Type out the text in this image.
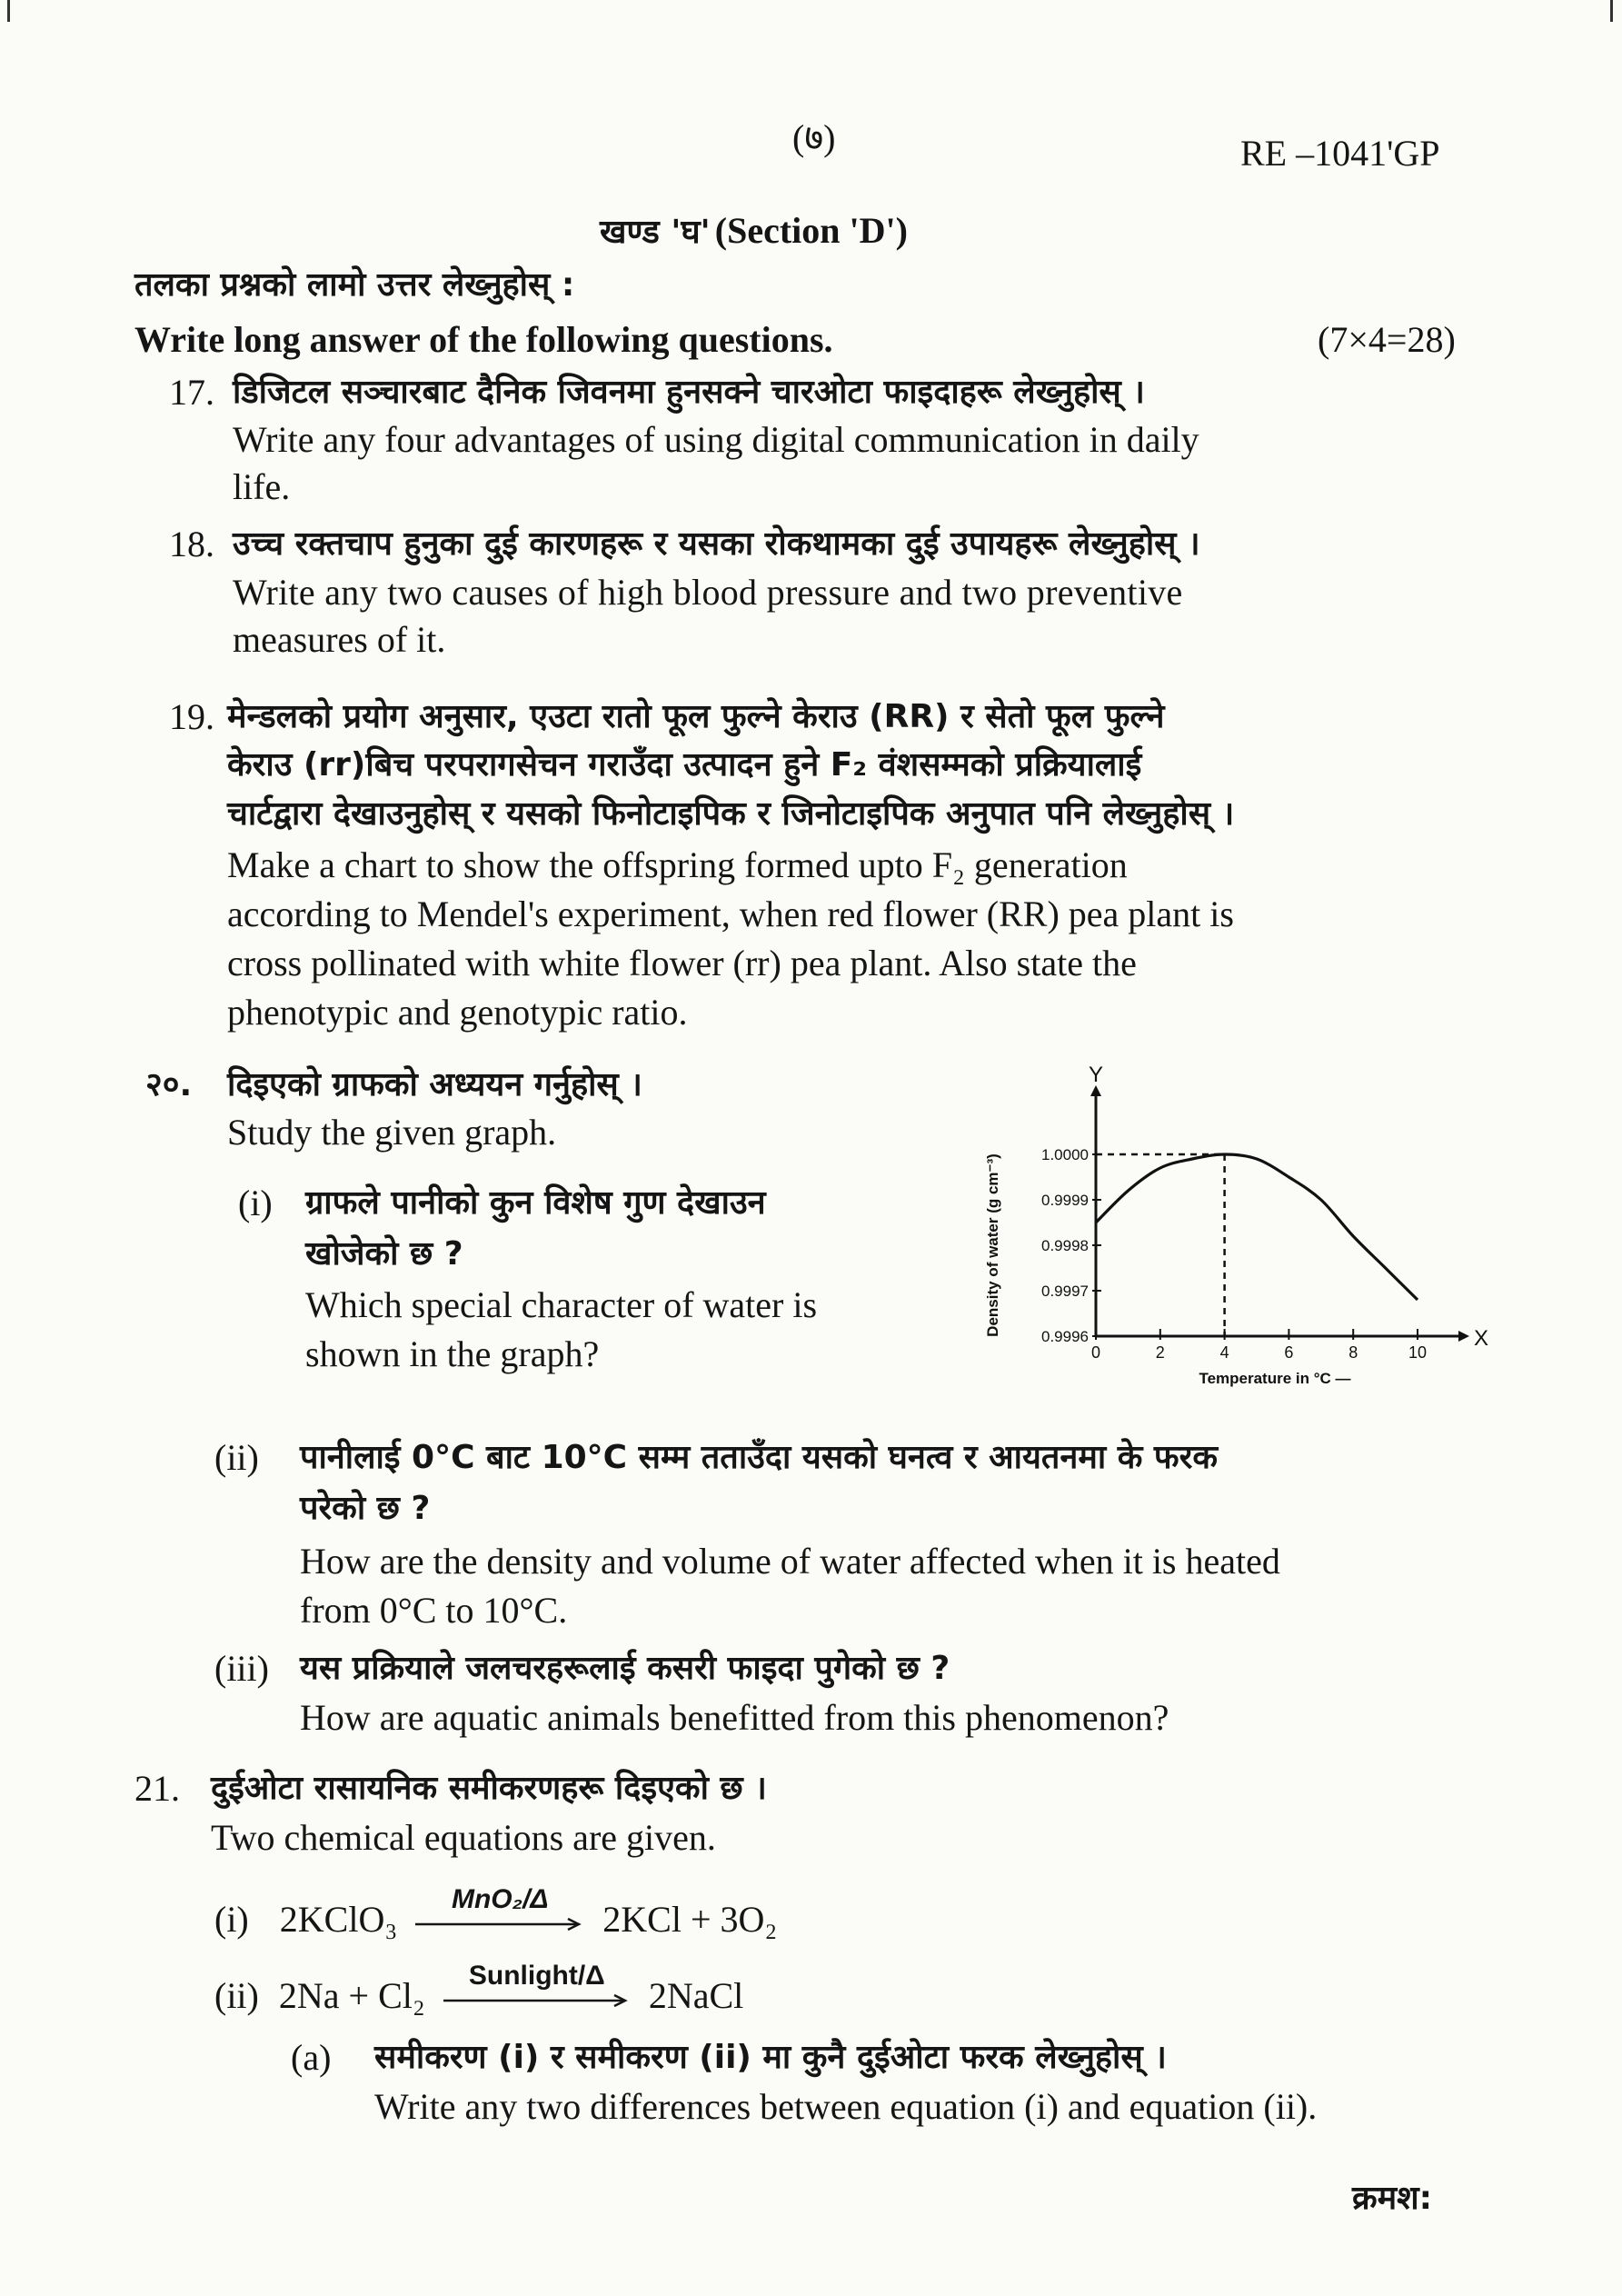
(७)	RE –1041'GP
खण्ड 'घ' (Section 'D')
तलका प्रश्नको लामो उत्तर लेख्नुहोस् :
Write long answer of the following questions.	(7×4=28)
17. डिजिटल सञ्चारबाट दैनिक जिवनमा हुनसक्ने चारओटा फाइदाहरू लेख्नुहोस् ।
Write any four advantages of using digital communication in daily
life.
18. उच्च रक्तचाप हुनुका दुई कारणहरू र यसका रोकथामका दुई उपायहरू लेख्नुहोस् ।
Write any two causes of high blood pressure and two preventive
measures of it.
19. मेन्डलको प्रयोग अनुसार, एउटा रातो फूल फुल्ने केराउ (RR) र सेतो फूल फुल्ने
केराउ (rr)बिच परपरागसेचन गराउँदा उत्पादन हुने F₂ वंशसम्मको प्रक्रियालाई
चार्टद्वारा देखाउनुहोस् र यसको फिनोटाइपिक र जिनोटाइपिक अनुपात पनि लेख्नुहोस् ।
Make a chart to show the offspring formed upto F₂ generation
according to Mendel's experiment, when red flower (RR) pea plant is
cross pollinated with white flower (rr) pea plant. Also state the
phenotypic and genotypic ratio.
२०. दिइएको ग्राफको अध्ययन गर्नुहोस् ।
Study the given graph.
(i) ग्राफले पानीको कुन विशेष गुण देखाउन
खोजेको छ ?
Which special character of water is
shown in the graph?	0	2	4	6	8	10
0.9996
0.9997
0.9998
0.9999
1.0000
X
Y
Temperature in °C —
Density of water (g cm⁻³)
(ii) पानीलाई 0°C बाट 10°C सम्म तताउँदा यसको घनत्व र आयतनमा के फरक
परेको छ ?
How are the density and volume of water affected when it is heated
from 0°C to 10°C.
(iii) यस प्रक्रियाले जलचरहरूलाई कसरी फाइदा पुगेको छ ?
How are aquatic animals benefitted from this phenomenon?
21. दुईओटा रासायनिक समीकरणहरू दिइएको छ ।
Two chemical equations are given.
(i) 2KClO₃	MnO₂/Δ	2KCl + 3O₂
(ii) 2Na + Cl₂	Sunlight/Δ	2NaCl
(a) समीकरण (i) र समीकरण (ii) मा कुनै दुईओटा फरक लेख्नुहोस् ।
Write any two differences between equation (i) and equation (ii).
क्रमश:
